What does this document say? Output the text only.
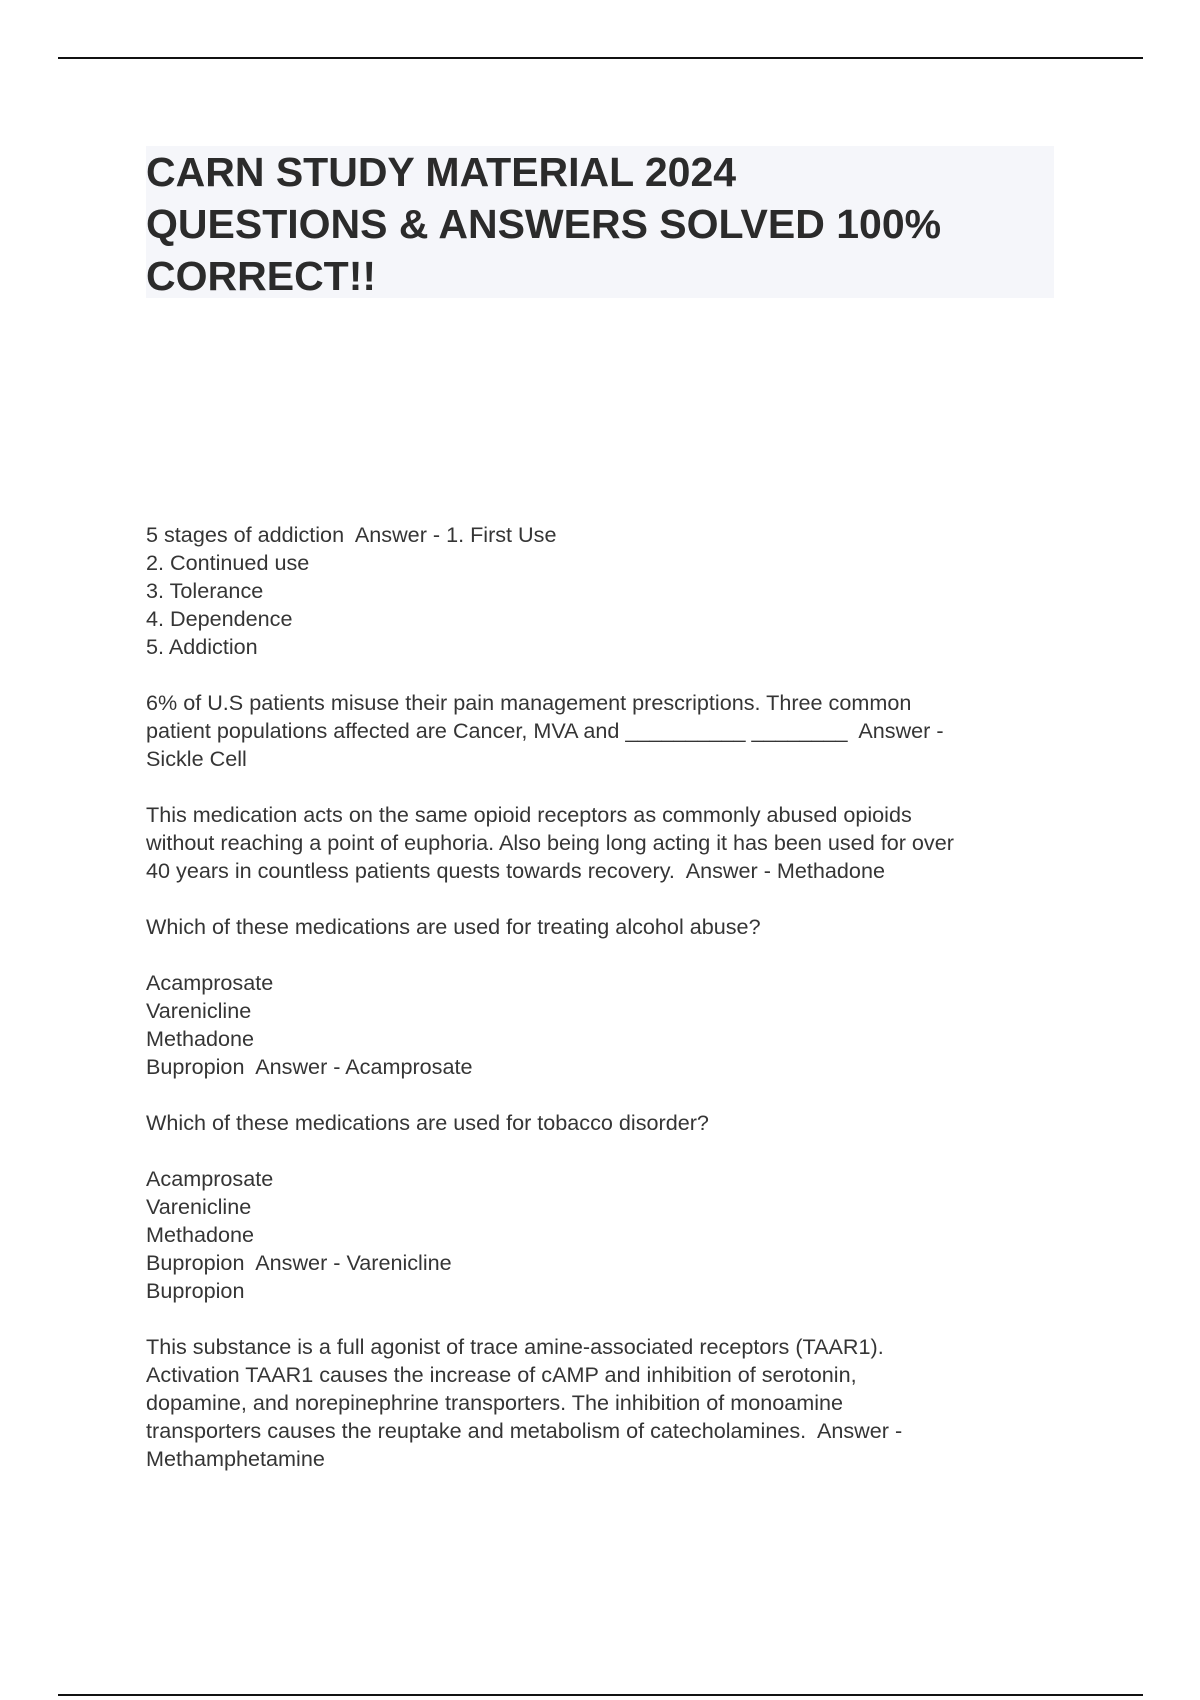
CARN STUDY MATERIAL 2024
QUESTIONS & ANSWERS SOLVED 100%
CORRECT!!
5 stages of addiction  Answer - 1. First Use
2. Continued use
3. Tolerance
4. Dependence
5. Addiction
6% of U.S patients misuse their pain management prescriptions. Three common
patient populations affected are Cancer, MVA and __________ ________  Answer -
Sickle Cell
This medication acts on the same opioid receptors as commonly abused opioids
without reaching a point of euphoria. Also being long acting it has been used for over
40 years in countless patients quests towards recovery.  Answer - Methadone
Which of these medications are used for treating alcohol abuse?
Acamprosate
Varenicline
Methadone
Bupropion  Answer - Acamprosate
Which of these medications are used for tobacco disorder?
Acamprosate
Varenicline
Methadone
Bupropion  Answer - Varenicline
Bupropion
This substance is a full agonist of trace amine-associated receptors (TAAR1).
Activation TAAR1 causes the increase of cAMP and inhibition of serotonin,
dopamine, and norepinephrine transporters. The inhibition of monoamine
transporters causes the reuptake and metabolism of catecholamines.  Answer -
Methamphetamine
